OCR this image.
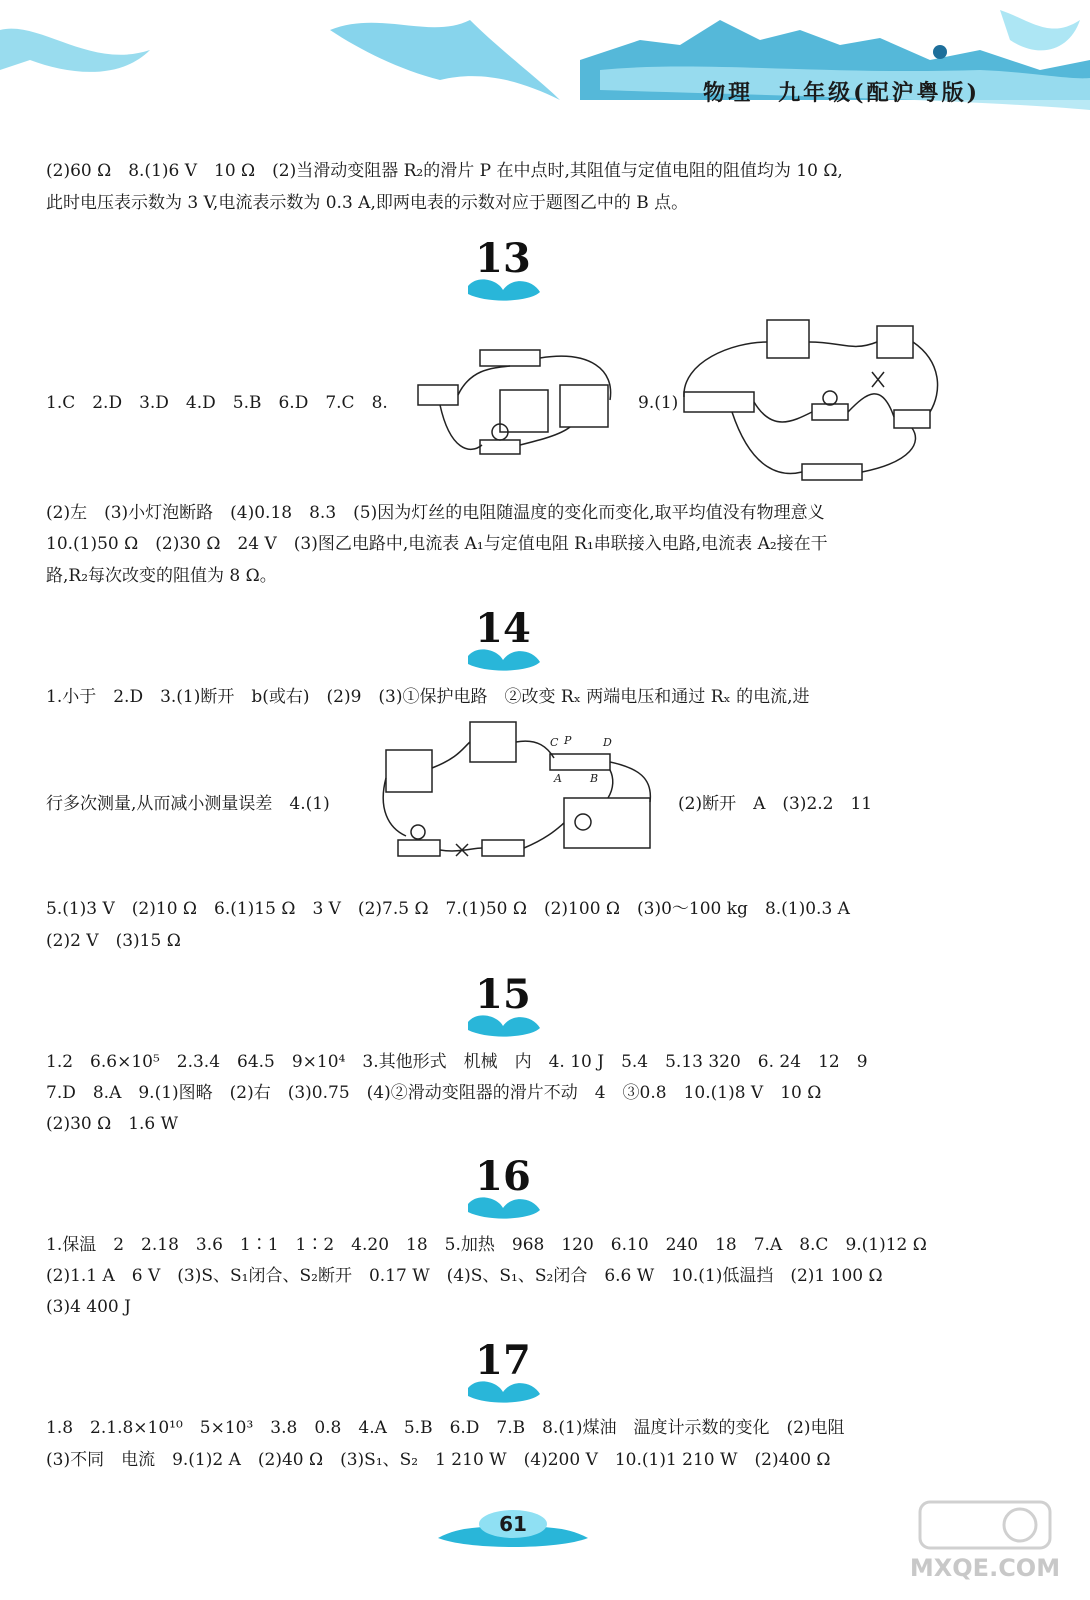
物理　九年级(配沪粤版)
(2)60 Ω　8.(1)6 V　10 Ω　(2)当滑动变阻器 R₂的滑片 P 在中点时,其阻值与定值电阻的阻值均为 10 Ω,
此时电压表示数为 3 V,电流表示数为 0.3 A,即两电表的示数对应于题图乙中的 B 点。
13
1.C　2.D　3.D　4.D　5.B　6.D　7.C　8.	9.(1)
(2)左　(3)小灯泡断路　(4)0.18　8.3　(5)因为灯丝的电阻随温度的变化而变化,取平均值没有物理意义
10.(1)50 Ω　(2)30 Ω　24 V　(3)图乙电路中,电流表 A₁与定值电阻 R₁串联接入电路,电流表 A₂接在干
路,R₂每次改变的阻值为 8 Ω。
14
1.小于　2.D　3.(1)断开　b(或右)　(2)9　(3)①保护电路　②改变 Rₓ 两端电压和通过 Rₓ 的电流,进
行多次测量,从而减小测量误差　4.(1)
C P	D
A	B
(2)断开　A　(3)2.2　11
5.(1)3 V　(2)10 Ω　6.(1)15 Ω　3 V　(2)7.5 Ω　7.(1)50 Ω　(2)100 Ω　(3)0～100 kg　8.(1)0.3 A
(2)2 V　(3)15 Ω
15
1.2　6.6×10⁵　2.3.4　64.5　9×10⁴　3.其他形式　机械　内　4. 10 J　5.4　5.13 320　6. 24　12　9
7.D　8.A　9.(1)图略　(2)右　(3)0.75　(4)②滑动变阻器的滑片不动　4　③0.8　10.(1)8 V　10 Ω
(2)30 Ω　1.6 W
16
1.保温　2　2.18　3.6　1∶1　1∶2　4.20　18　5.加热　968　120　6.10　240　18　7.A　8.C　9.(1)12 Ω
(2)1.1 A　6 V　(3)S、S₁闭合、S₂断开　0.17 W　(4)S、S₁、S₂闭合　6.6 W　10.(1)低温挡　(2)1 100 Ω
(3)4 400 J
17
1.8　2.1.8×10¹⁰　5×10³　3.8　0.8　4.A　5.B　6.D　7.B　8.(1)煤油　温度计示数的变化　(2)电阻
(3)不同　电流　9.(1)2 A　(2)40 Ω　(3)S₁、S₂　1 210 W　(4)200 V　10.(1)1 210 W　(2)400 Ω
61
MXQE.COM
